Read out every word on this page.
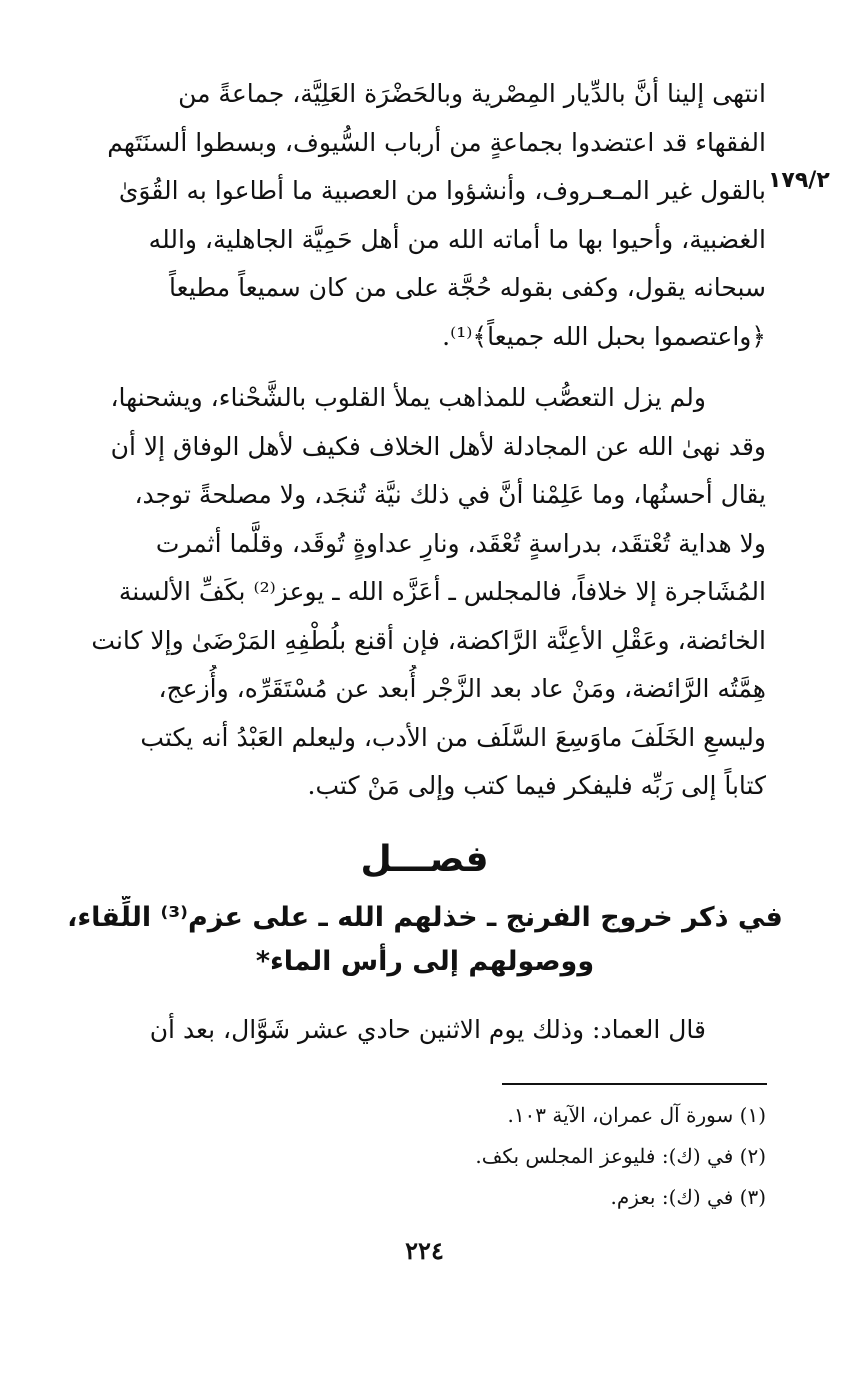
١٧٩/٢
انتهى إلينا أنَّ بالدِّيار المِصْرية وبالحَضْرَة العَلِيَّة، جماعةً من
الفقهاء قد اعتضدوا بجماعةٍ من أرباب السُّيوف، وبسطوا ألسنَتَهم
بالقول غير المـعـروف، وأنشؤوا من العصبية ما أطاعوا به القُوَىٰ
الغضبية، وأحيوا بها ما أماته الله من أهل حَمِيَّة الجاهلية، والله
سبحانه يقول، وكفى بقوله حُجَّة على من كان سميعاً مطيعاً
﴿واعتصموا بحبل الله جميعاً﴾⁽¹⁾.
ولم يزل التعصُّب للمذاهب يملأ القلوب بالشَّحْناء، ويشحنها،
وقد نهىٰ الله عن المجادلة لأهل الخلاف فكيف لأهل الوفاق إلا أن
يقال أحسنُها، وما عَلِمْنا أنَّ في ذلك نيَّة تُنجَد، ولا مصلحةً توجد،
ولا هداية تُعْتقَد، بدراسةٍ تُعْقَد، ونارِ عداوةٍ تُوقَد، وقلَّما أثمرت
المُشَاجرة إلا خلافاً، فالمجلس ـ أعَزَّه الله ـ يوعز⁽²⁾ بكَفِّ الألسنة
الخائضة، وعَقْلِ الأعِنَّة الرَّاكضة، فإن أقنع بلُطْفِهِ المَرْضَىٰ وإلا كانت
هِمَّتُه الرَّائضة، ومَنْ عاد بعد الزَّجْر أُبعد عن مُسْتَقَرِّه، وأُزعج،
وليسعِ الخَلَفَ ماوَسِعَ السَّلَف من الأدب، وليعلم العَبْدُ أنه يكتب
كتاباً إلى رَبِّه فليفكر فيما كتب وإلى مَنْ كتب.
فصـــل
في ذكر خروج الفرنج ـ خذلهم الله ـ على عزم⁽³⁾ اللِّقاء،
ووصولهم إلى رأس الماء*
قال العماد: وذلك يوم الاثنين حادي عشر شَوَّال، بعد أن
(١) سورة آل عمران، الآية ١٠٣.
(٢) في (ك): فليوعز المجلس بكف.
(٣) في (ك): بعزم.
٢٢٤
